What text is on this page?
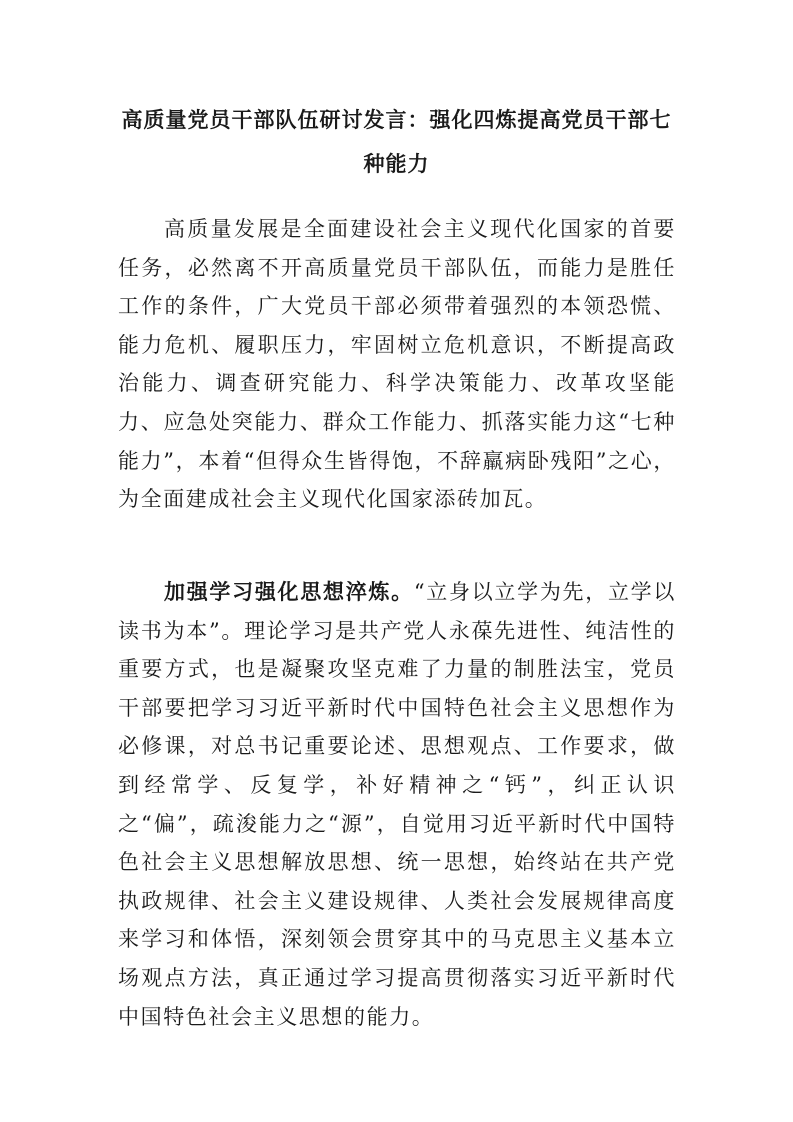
高质量党员干部队伍研讨发言：强化四炼提高党员干部七种能力

高质量发展是全面建设社会主义现代化国家的首要任务，必然离不开高质量党员干部队伍，而能力是胜任工作的条件，广大党员干部必须带着强烈的本领恐慌、能力危机、履职压力，牢固树立危机意识，不断提高政治能力、调查研究能力、科学决策能力、改革攻坚能力、应急处突能力、群众工作能力、抓落实能力这“七种能力”，本着“但得众生皆得饱，不辞羸病卧残阳”之心，为全面建成社会主义现代化国家添砖加瓦。

加强学习强化思想淬炼。“立身以立学为先，立学以读书为本”。理论学习是共产党人永葆先进性、纯洁性的重要方式，也是凝聚攻坚克难了力量的制胜法宝，党员干部要把学习习近平新时代中国特色社会主义思想作为必修课，对总书记重要论述、思想观点、工作要求，做到经常学、反复学，补好精神之“钙”，纠正认识之“偏”，疏浚能力之“源”，自觉用习近平新时代中国特色社会主义思想解放思想、统一思想，始终站在共产党执政规律、社会主义建设规律、人类社会发展规律高度来学习和体悟，深刻领会贯穿其中的马克思主义基本立场观点方法，真正通过学习提高贯彻落实习近平新时代中国特色社会主义思想的能力。
